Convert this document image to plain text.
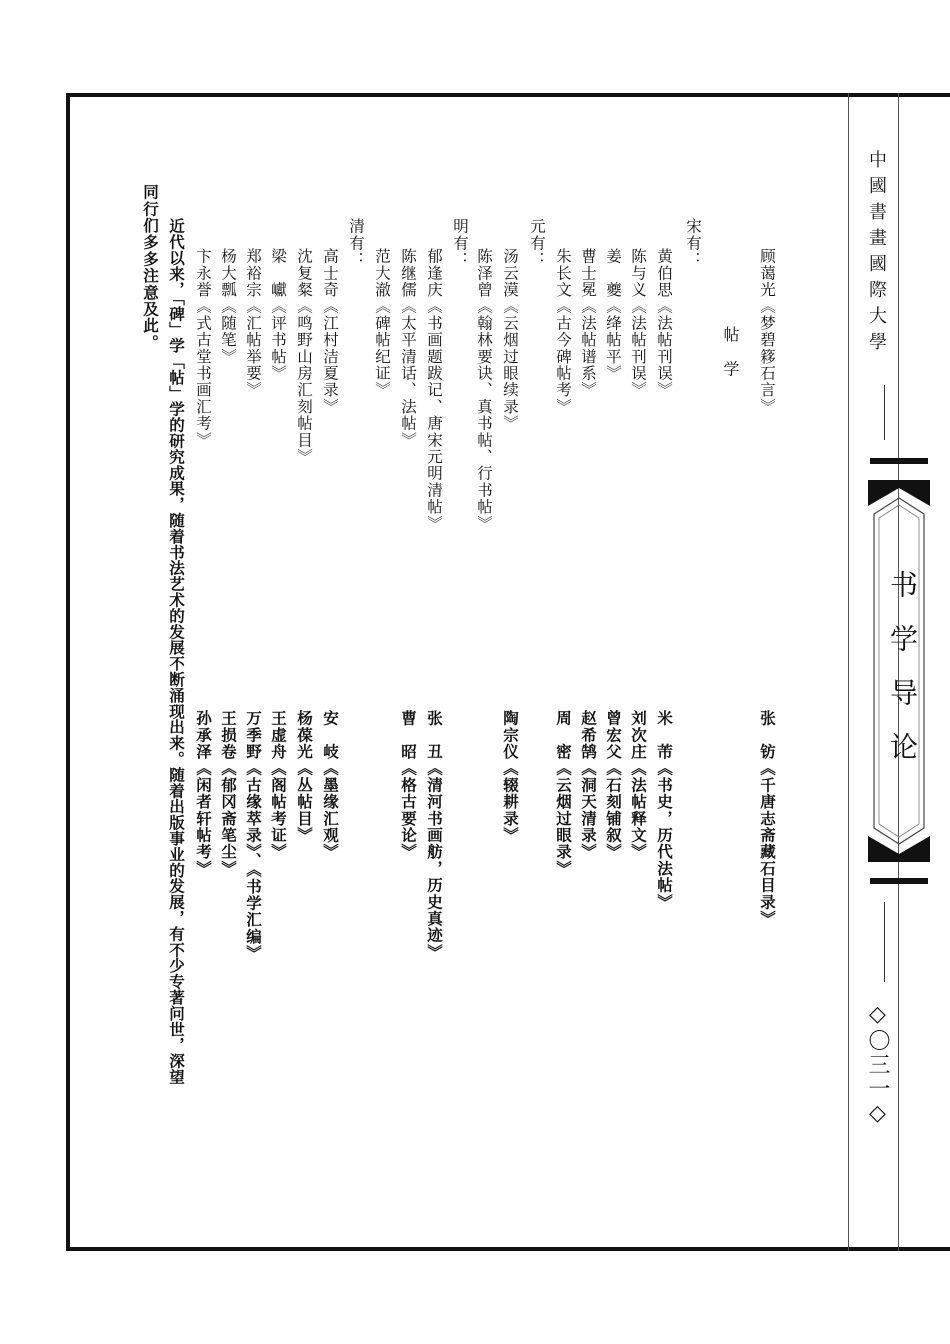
中國書畫國際大學
书学导论
◇〇三一◇
顾蔼光《梦碧簃石言》
张　钫《千唐志斋藏石目录》
帖　学
宋有：
黄伯思《法帖刊误》
米　芾《书史，历代法帖》
陈与义《法帖刊误》
刘次庄《法帖释文》
姜　夔《绛帖平》
曾宏父《石刻铺叙》
曹士冕《法帖谱系》
赵希鹄《洞天清录》
朱长文《古今碑帖考》
周　密《云烟过眼录》
元有：
汤云漠《云烟过眼续录》
陶宗仪《辍耕录》
陈泽曾《翰林要诀、真书帖、行书帖》
明有：
郁逢庆《书画题跋记、唐宋元明清帖》
张　丑《清河书画舫，历史真迹》
陈继儒《太平清话、法帖》
曹　昭《格古要论》
范大澈《碑帖纪证》
清有：
高士奇《江村洁夏录》
安　岐《墨缘汇观》
沈复粲《鸣野山房汇刻帖目》
杨葆光《丛帖目》
梁　巘《评书帖》
王虚舟《阁帖考证》
郑裕宗《汇帖举要》
万季野《古缘萃录》、《书学汇编》
杨大瓢《随笔》
王损卷《郁冈斋笔尘》
卞永誉《式古堂书画汇考》
孙承泽《闲者轩帖考》
近代以来，「碑」学「帖」学的研究成果，随着书法艺术的发展不断涌现出来。随着出版事业的发展，有不少专著问世，深望
同行们多多注意及此。
